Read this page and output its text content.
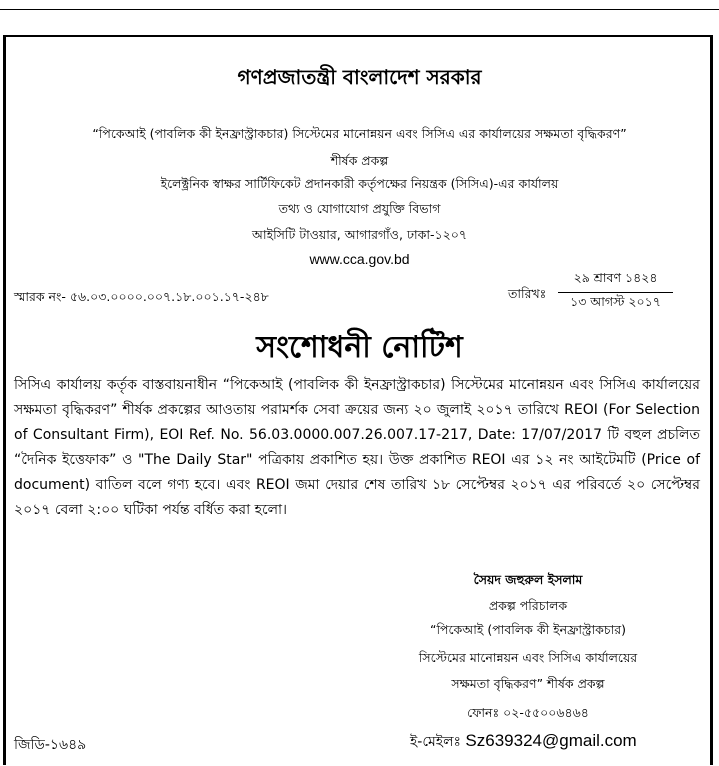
গণপ্রজাতন্ত্রী বাংলাদেশ সরকার
“পিকেআই (পাবলিক কী ইনফ্রাস্ট্রাকচার) সিস্টেমের মানোন্নয়ন এবং সিসিএ এর কার্যালয়ের সক্ষমতা বৃদ্ধিকরণ”
শীর্ষক প্রকল্প
ইলেক্ট্রনিক স্বাক্ষর সার্টিফিকেট প্রদানকারী কর্তৃপক্ষের নিয়ন্ত্রক (সিসিএ)-এর কার্যালয়
তথ্য ও যোগাযোগ প্রযুক্তি বিভাগ
আইসিটি টাওয়ার, আগারগাঁও, ঢাকা-১২০৭
www.cca.gov.bd
স্মারক নং- ৫৬.০৩.০০০০.০০৭.১৮.০০১.১৭-২৪৮	তারিখঃ
২৯ শ্রাবণ ১৪২৪
১৩ আগস্ট ২০১৭
সংশোধনী নোটিশ
সিসিএ কার্যালয় কর্তৃক বাস্তবায়নাধীন “পিকেআই (পাবলিক কী ইনফ্রাস্ট্রাকচার) সিস্টেমের মানোন্নয়ন এবং সিসিএ কার্যালয়ের সক্ষমতা বৃদ্ধিকরণ” শীর্ষক প্রকল্পের আওতায় পরামর্শক সেবা ক্রয়ের জন্য ২০ জুলাই ২০১৭ তারিখে REOI (For Selection of Consultant Firm), EOI Ref. No. 56.03.0000.007.26.007.17-217, Date: 17/07/2017 টি বহুল প্রচলিত “দৈনিক ইত্তেফাক” ও "The Daily Star" পত্রিকায় প্রকাশিত হয়। উক্ত প্রকাশিত REOI এর ১২ নং আইটেমটি (Price of document) বাতিল বলে গণ্য হবে। এবং REOI জমা দেয়ার শেষ তারিখ ১৮ সেপ্টেম্বর ২০১৭ এর পরিবর্তে ২০ সেপ্টেম্বর ২০১৭ বেলা ২:০০ ঘটিকা পর্যন্ত বর্ধিত করা হলো।
সৈয়দ জহুরুল ইসলাম
প্রকল্প পরিচালক
“পিকেআই (পাবলিক কী ইনফ্রাস্ট্রাকচার)
সিস্টেমের মানোন্নয়ন এবং সিসিএ কার্যালয়ের
সক্ষমতা বৃদ্ধিকরণ” শীর্ষক প্রকল্প
ফোনঃ ০২-৫৫০০৬৪৬৪
জিডি-১৬৪৯	ই-মেইলঃ Sz639324@gmail.com
